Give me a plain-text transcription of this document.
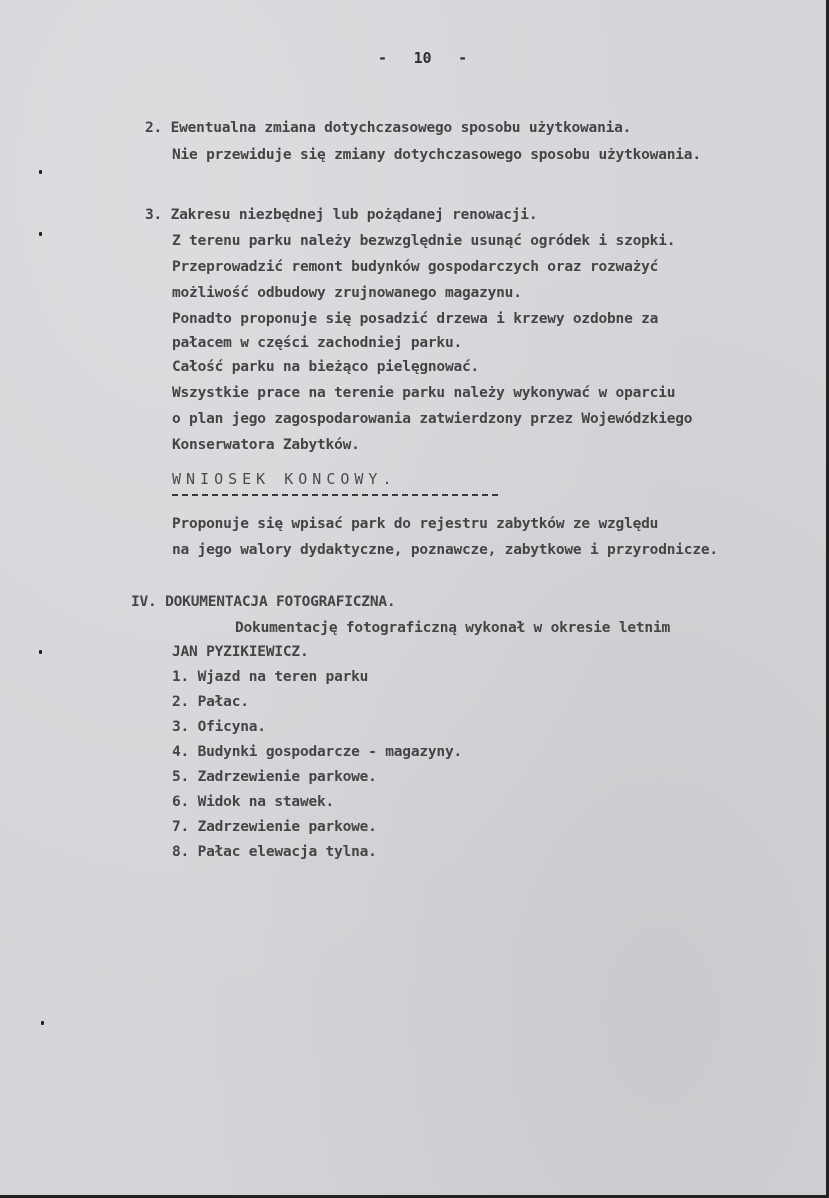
- 10 -
2. Ewentualna zmiana dotychczasowego sposobu użytkowania.
Nie przewiduje się zmiany dotychczasowego sposobu użytkowania.
3. Zakresu niezbędnej lub pożądanej renowacji.
Z terenu parku należy bezwzględnie usunąć ogródek i szopki.
Przeprowadzić remont budynków gospodarczych oraz rozważyć
możliwość odbudowy zrujnowanego magazynu.
Ponadto proponuje się posadzić drzewa i krzewy ozdobne za
pałacem w części zachodniej parku.
Całość parku na bieżąco pielęgnować.
Wszystkie prace na terenie parku należy wykonywać w oparciu
o plan jego zagospodarowania zatwierdzony przez Wojewódzkiego
Konserwatora Zabytków.
WNIOSEK KONCOWY.
Proponuje się wpisać park do rejestru zabytków ze względu
na jego walory dydaktyczne, poznawcze, zabytkowe i przyrodnicze.
IV. DOKUMENTACJA FOTOGRAFICZNA.
Dokumentację fotograficzną wykonał w okresie letnim
JAN PYZIKIEWICZ.
1. Wjazd na teren parku
2. Pałac.
3. Oficyna.
4. Budynki gospodarcze - magazyny.
5. Zadrzewienie parkowe.
6. Widok na stawek.
7. Zadrzewienie parkowe.
8. Pałac elewacja tylna.
